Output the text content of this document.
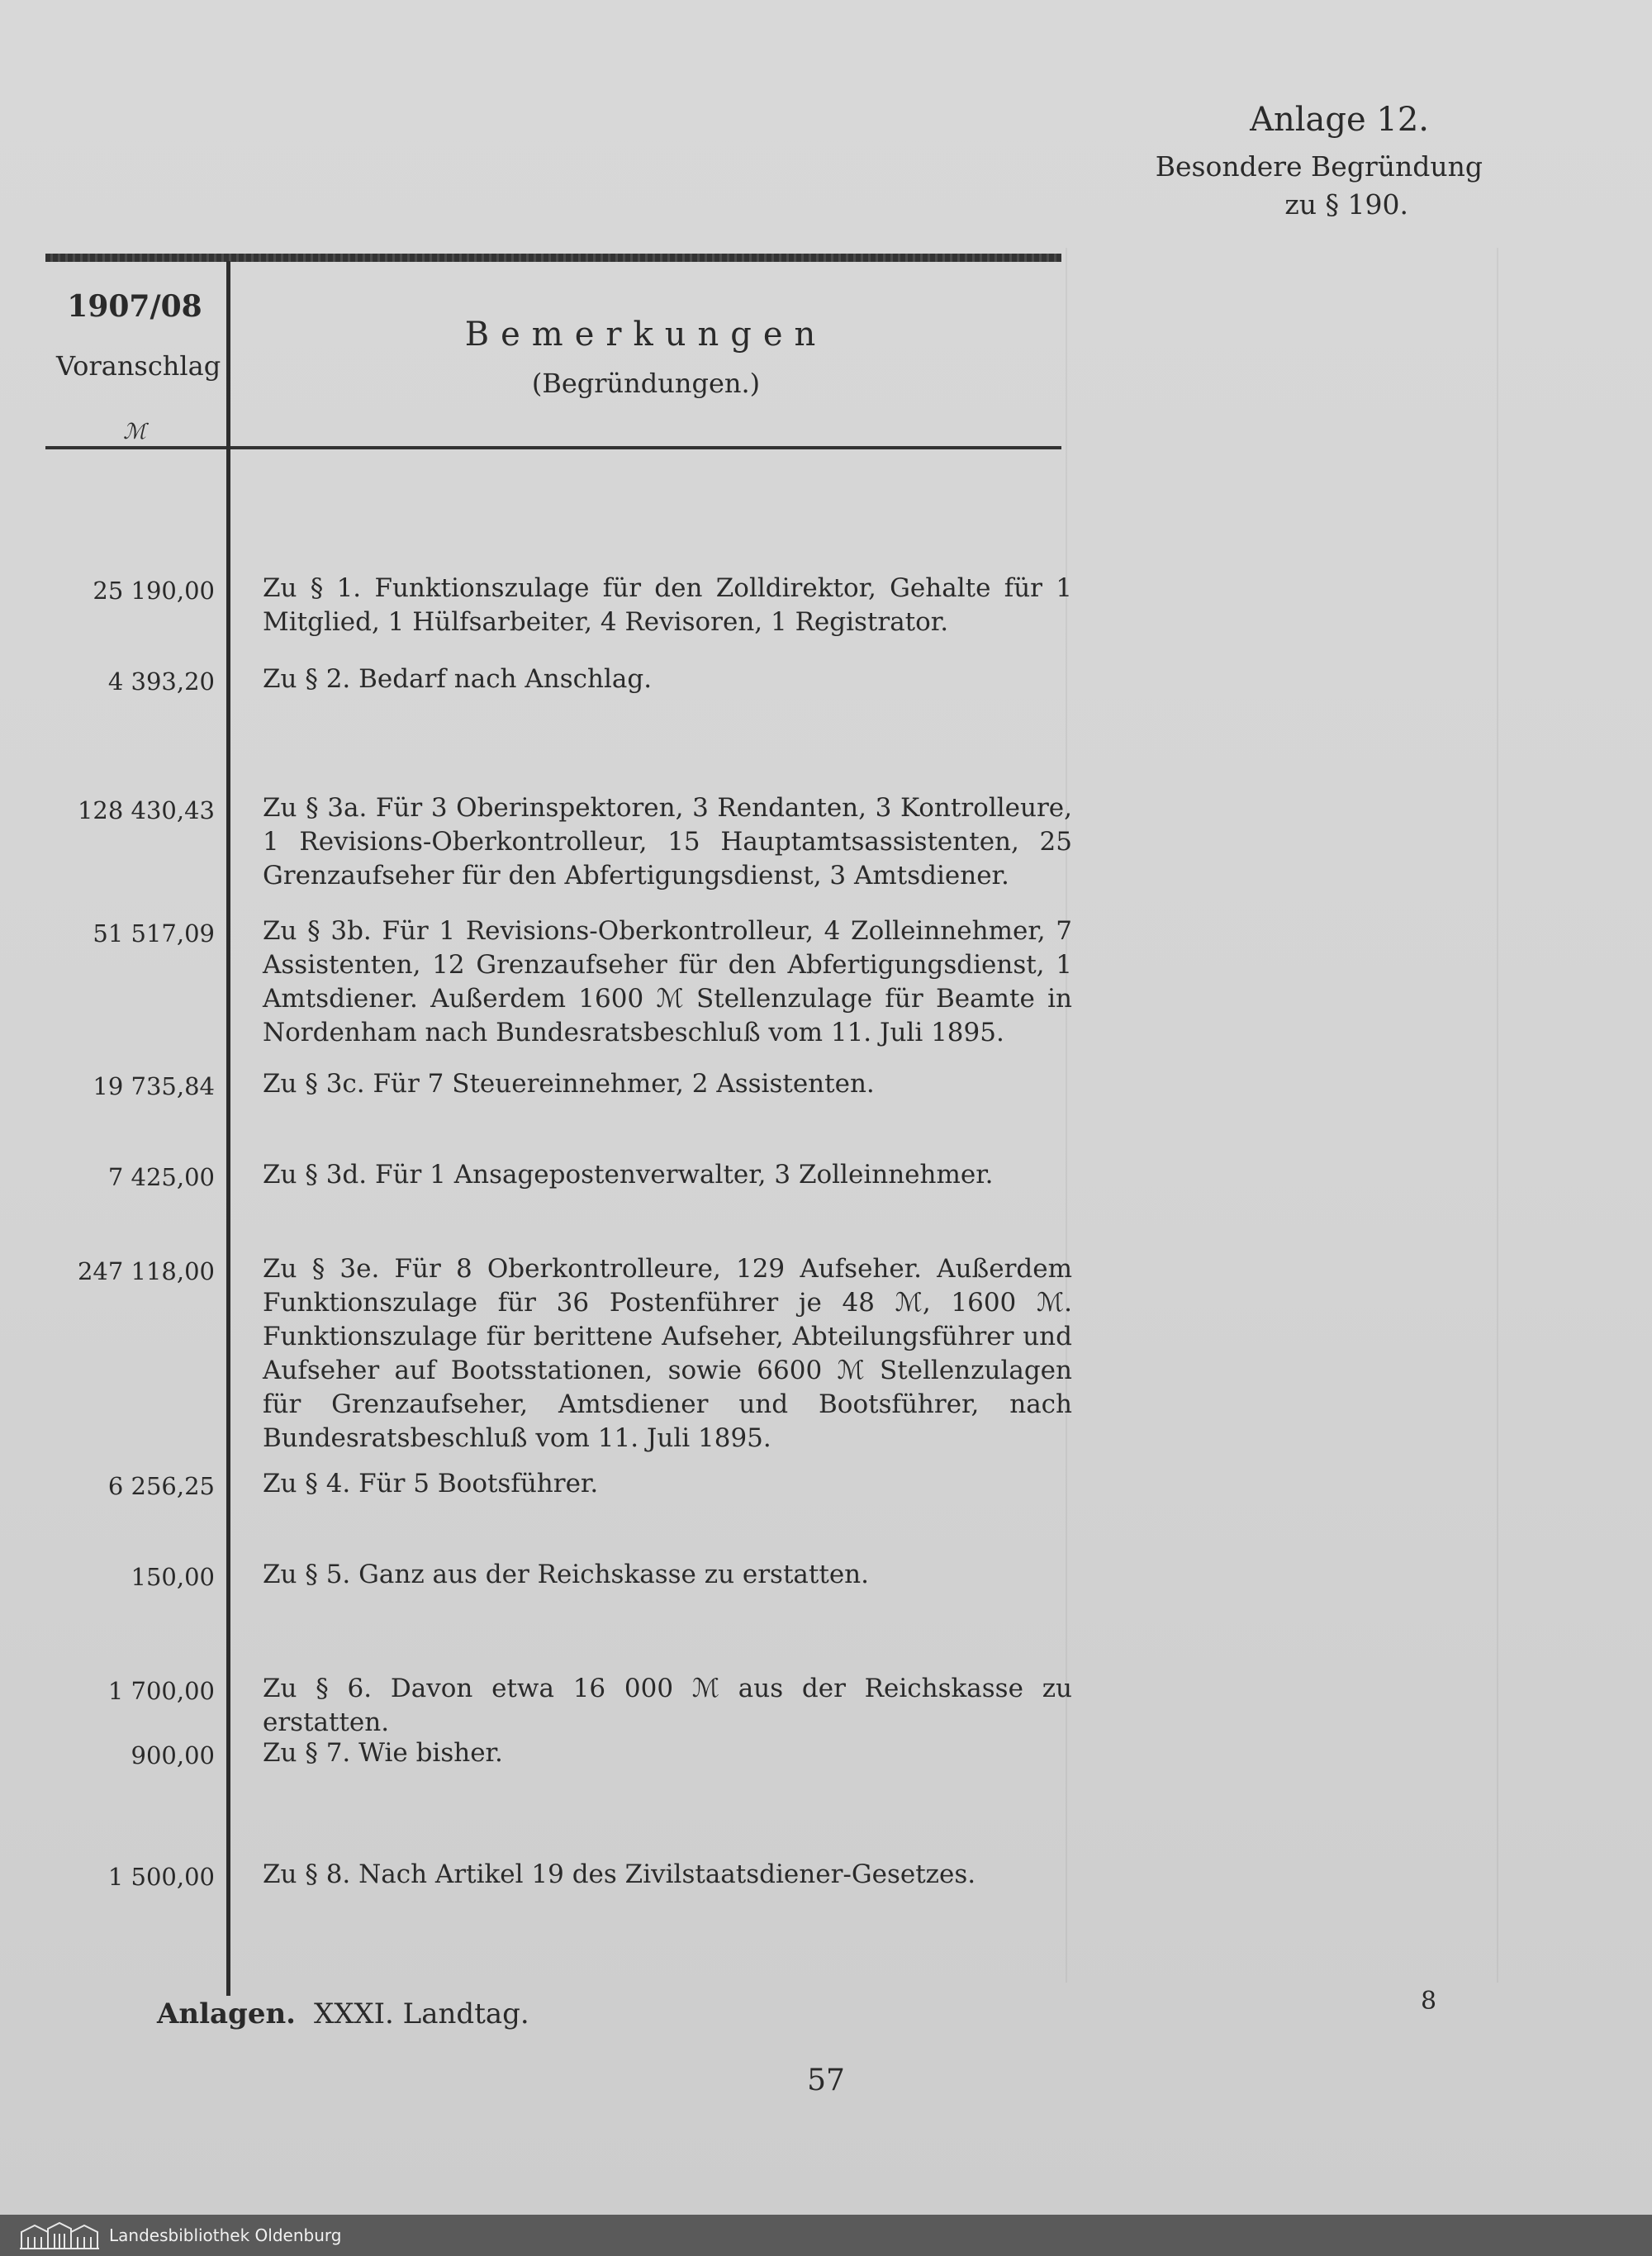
Anlage 12.
Besondere Begründung
zu § 190.
1907/08
Voranschlag
ℳ
Bemerkungen
(Begründungen.)
25 190,00 Zu § 1. Funktionszulage für den Zolldirektor, Gehalte für 1 Mitglied, 1 Hülfsarbeiter, 4 Revisoren, 1 Registrator.
4 393,20 Zu § 2. Bedarf nach Anschlag.
128 430,43 Zu § 3a. Für 3 Oberinspektoren, 3 Rendanten, 3 Kontrolleure, 1 Revisions-Oberkontrolleur, 15 Hauptamtsassistenten, 25 Grenzaufseher für den Abfertigungsdienst, 3 Amtsdiener.
51 517,09 Zu § 3b. Für 1 Revisions-Oberkontrolleur, 4 Zolleinnehmer, 7 Assistenten, 12 Grenzaufseher für den Abfertigungsdienst, 1 Amtsdiener. Außerdem 1600 ℳ Stellenzulage für Beamte in Nordenham nach Bundesratsbeschluß vom 11. Juli 1895.
19 735,84 Zu § 3c. Für 7 Steuereinnehmer, 2 Assistenten.
7 425,00 Zu § 3d. Für 1 Ansagepostenverwalter, 3 Zolleinnehmer.
247 118,00 Zu § 3e. Für 8 Oberkontrolleure, 129 Aufseher. Außerdem Funktionszulage für 36 Postenführer je 48 ℳ, 1600 ℳ. Funktionszulage für berittene Aufseher, Abteilungsführer und Aufseher auf Bootsstationen, sowie 6600 ℳ Stellenzulagen für Grenzaufseher, Amtsdiener und Bootsführer, nach Bundesratsbeschluß vom 11. Juli 1895.
6 256,25 Zu § 4. Für 5 Bootsführer.
150,00 Zu § 5. Ganz aus der Reichskasse zu erstatten.
1 700,00 Zu § 6. Davon etwa 16 000 ℳ aus der Reichskasse zu erstatten.
900,00 Zu § 7. Wie bisher.
1 500,00 Zu § 8. Nach Artikel 19 des Zivilstaatsdiener-Gesetzes.
Anlagen. XXXI. Landtag.	8
57
Landesbibliothek Oldenburg
